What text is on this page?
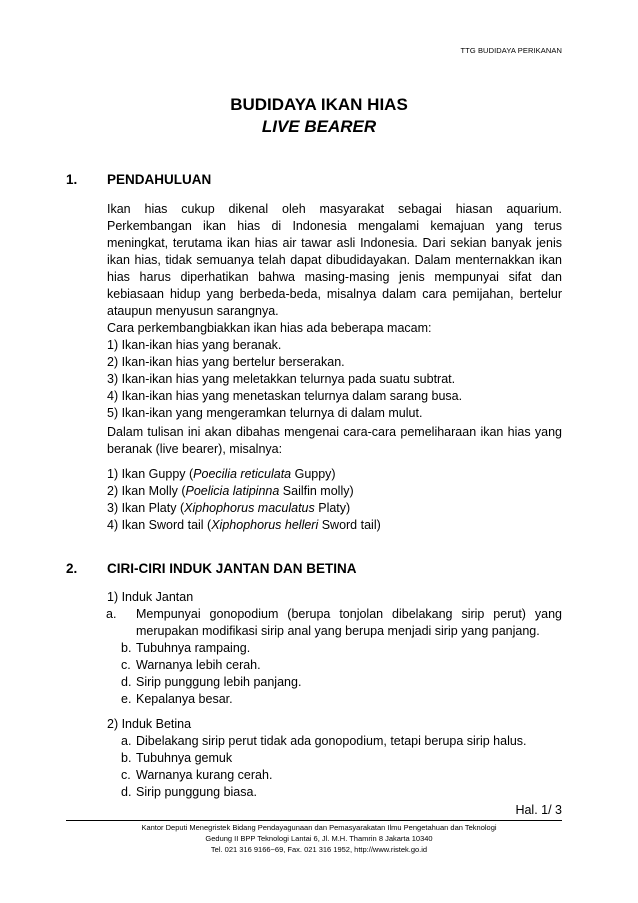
TTG BUDIDAYA PERIKANAN
BUDIDAYA IKAN HIAS
LIVE BEARER
1. PENDAHULUAN
Ikan hias cukup dikenal oleh masyarakat sebagai hiasan aquarium. Perkembangan ikan hias di Indonesia mengalami kemajuan yang terus meningkat, terutama ikan hias air tawar asli Indonesia. Dari sekian banyak jenis ikan hias, tidak semuanya telah dapat dibudidayakan. Dalam menternakkan ikan hias harus diperhatikan bahwa masing-masing jenis mempunyai sifat dan kebiasaan hidup yang berbeda-beda, misalnya dalam cara pemijahan, bertelur ataupun menyusun sarangnya.
Cara perkembangbiakkan ikan hias ada beberapa macam:
1) Ikan-ikan hias yang beranak.
2) Ikan-ikan hias yang bertelur berserakan.
3) Ikan-ikan hias yang meletakkan telurnya pada suatu subtrat.
4) Ikan-ikan hias yang menetaskan telurnya dalam sarang busa.
5) Ikan-ikan yang mengeramkan telurnya di dalam mulut.
Dalam tulisan ini akan dibahas mengenai cara-cara pemeliharaan ikan hias yang beranak (live bearer), misalnya:
1) Ikan Guppy (Poecilia reticulata Guppy)
2) Ikan Molly (Poelicia latipinna Sailfin molly)
3) Ikan Platy (Xiphophorus maculatus Platy)
4) Ikan Sword tail (Xiphophorus helleri Sword tail)
2. CIRI-CIRI INDUK JANTAN DAN BETINA
1) Induk Jantan
a. Mempunyai gonopodium (berupa tonjolan dibelakang sirip perut) yang merupakan modifikasi sirip anal yang berupa menjadi sirip yang panjang.
b. Tubuhnya rampaing.
c. Warnanya lebih cerah.
d. Sirip punggung lebih panjang.
e. Kepalanya besar.
2) Induk Betina
a. Dibelakang sirip perut tidak ada gonopodium, tetapi berupa sirip halus.
b. Tubuhnya gemuk
c. Warnanya kurang cerah.
d. Sirip punggung biasa.
Hal. 1/ 3
Kantor Deputi Menegristek Bidang Pendayagunaan dan Pemasyarakatan Ilmu Pengetahuan dan Teknologi
Gedung II BPP Teknologi Lantai 6, Jl. M.H. Thamrin 8 Jakarta 10340
Tel. 021 316 9166~69, Fax. 021 316 1952, http://www.ristek.go.id
